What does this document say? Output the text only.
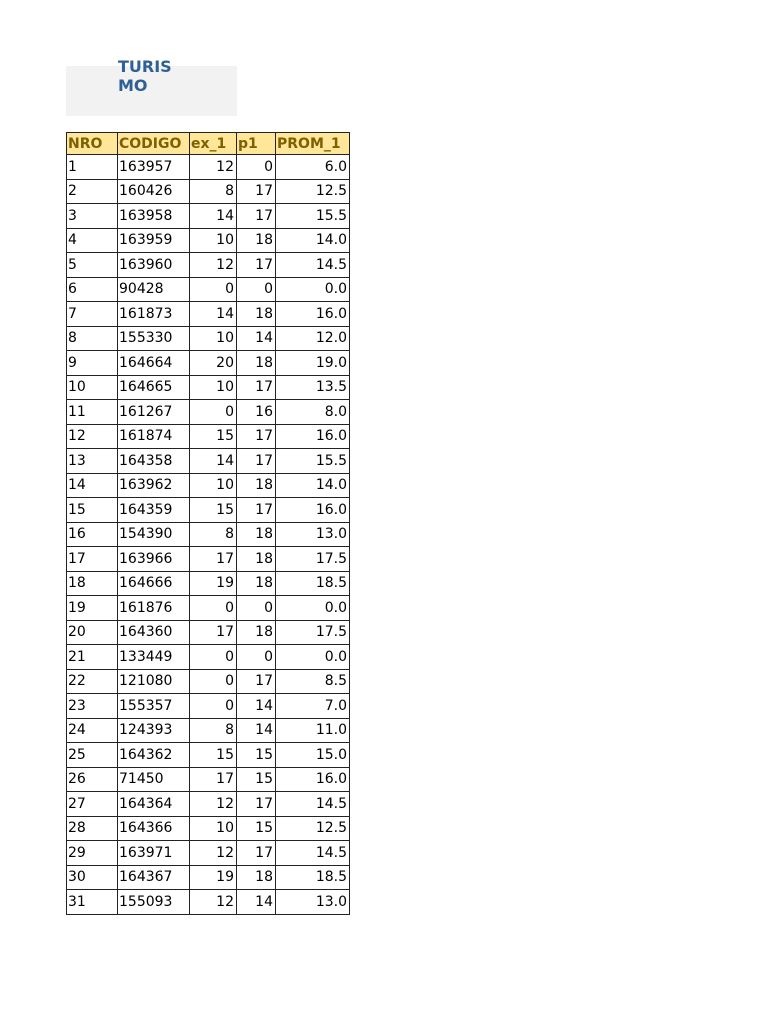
TURISMO
NRO	CODIGO	ex_1	p1	PROM_1
1	163957	12	0	6.0
2	160426	8	17	12.5
3	163958	14	17	15.5
4	163959	10	18	14.0
5	163960	12	17	14.5
6	90428	0	0	0.0
7	161873	14	18	16.0
8	155330	10	14	12.0
9	164664	20	18	19.0
10	164665	10	17	13.5
11	161267	0	16	8.0
12	161874	15	17	16.0
13	164358	14	17	15.5
14	163962	10	18	14.0
15	164359	15	17	16.0
16	154390	8	18	13.0
17	163966	17	18	17.5
18	164666	19	18	18.5
19	161876	0	0	0.0
20	164360	17	18	17.5
21	133449	0	0	0.0
22	121080	0	17	8.5
23	155357	0	14	7.0
24	124393	8	14	11.0
25	164362	15	15	15.0
26	71450	17	15	16.0
27	164364	12	17	14.5
28	164366	10	15	12.5
29	163971	12	17	14.5
30	164367	19	18	18.5
31	155093	12	14	13.0
